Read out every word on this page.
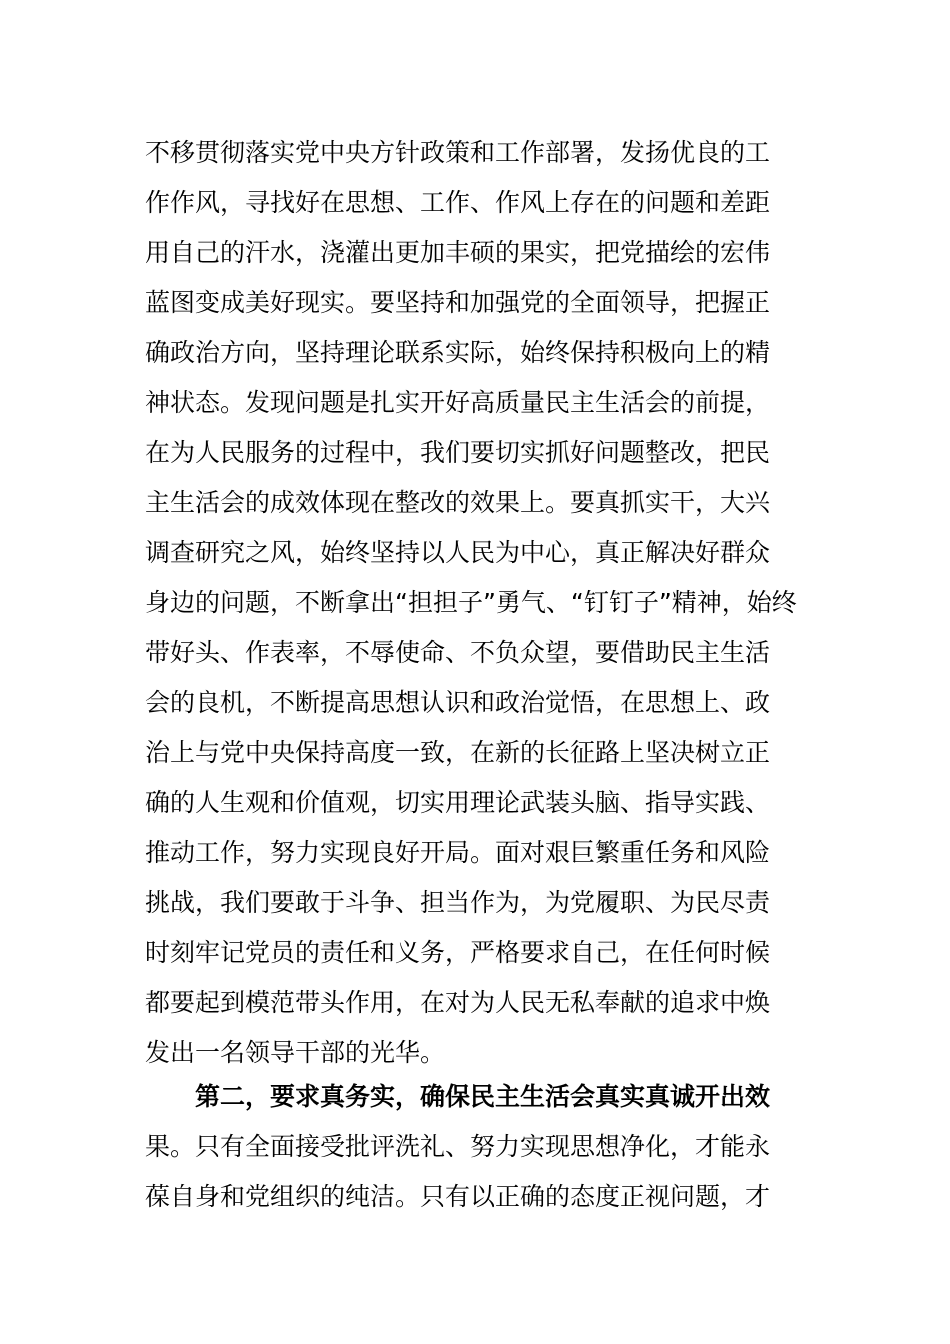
不移贯彻落实党中央方针政策和工作部署，发扬优良的工
作作风，寻找好在思想、工作、作风上存在的问题和差距
用自己的汗水，浇灌出更加丰硕的果实，把党描绘的宏伟
蓝图变成美好现实。要坚持和加强党的全面领导，把握正
确政治方向，坚持理论联系实际，始终保持积极向上的精
神状态。发现问题是扎实开好高质量民主生活会的前提，
在为人民服务的过程中，我们要切实抓好问题整改，把民
主生活会的成效体现在整改的效果上。要真抓实干，大兴
调查研究之风，始终坚持以人民为中心，真正解决好群众
身边的问题，不断拿出“担担子”勇气、“钉钉子”精神，始终
带好头、作表率，不辱使命、不负众望，要借助民主生活
会的良机，不断提高思想认识和政治觉悟，在思想上、政
治上与党中央保持高度一致，在新的长征路上坚决树立正
确的人生观和价值观，切实用理论武装头脑、指导实践、
推动工作，努力实现良好开局。面对艰巨繁重任务和风险
挑战，我们要敢于斗争、担当作为，为党履职、为民尽责
时刻牢记党员的责任和义务，严格要求自己，在任何时候
都要起到模范带头作用，在对为人民无私奉献的追求中焕
发出一名领导干部的光华。
第二，要求真务实，确保民主生活会真实真诚开出效
果。只有全面接受批评洗礼、努力实现思想净化，才能永
葆自身和党组织的纯洁。只有以正确的态度正视问题，才
